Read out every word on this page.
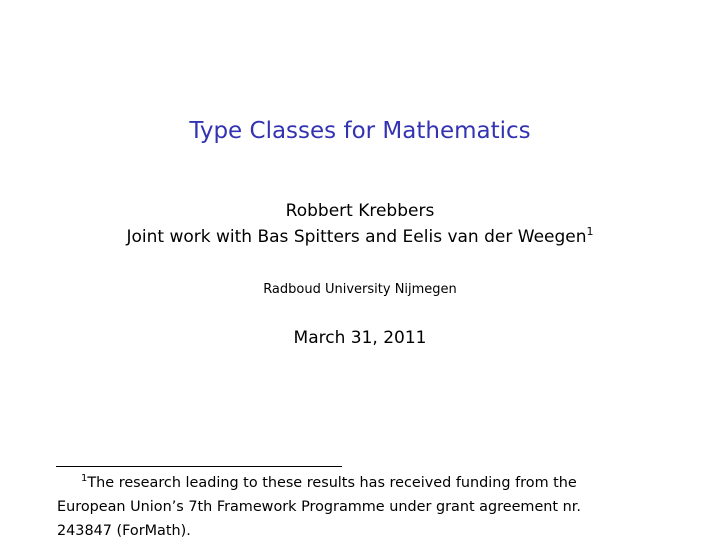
Type Classes for Mathematics
Robbert Krebbers
Joint work with Bas Spitters and Eelis van der Weegen$^1$
Radboud University Nijmegen
March 31, 2011
$^1$The research leading to these results has received funding from the
European Union’s 7th Framework Programme under grant agreement nr.
243847 (ForMath).
